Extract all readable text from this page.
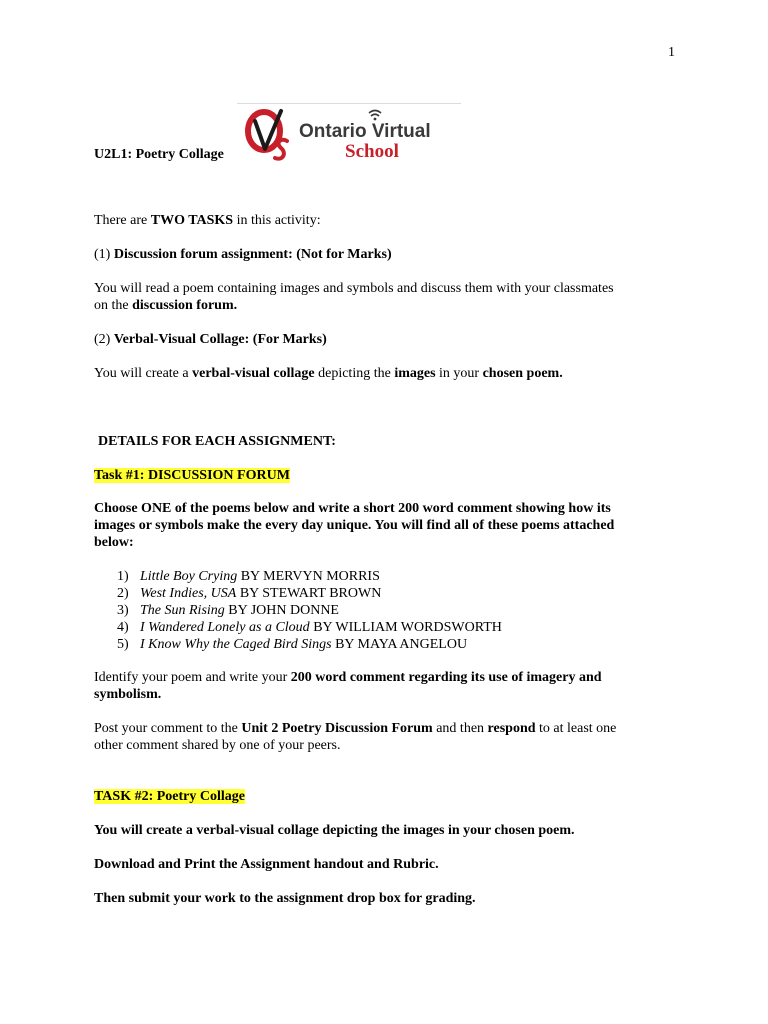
1
Ontario Virtual
School
U2L1: Poetry Collage
There are TWO TASKS in this activity:
(1) Discussion forum assignment: (Not for Marks)
You will read a poem containing images and symbols and discuss them with your classmates
on the discussion forum.
(2) Verbal-Visual Collage: (For Marks)
You will create a verbal-visual collage depicting the images in your chosen poem.
DETAILS FOR EACH ASSIGNMENT:
Task #1: DISCUSSION FORUM
Choose ONE of the poems below and write a short 200 word comment showing how its
images or symbols make the every day unique. You will find all of these poems attached
below:
1) Little Boy Crying BY MERVYN MORRIS
2) West Indies, USA BY STEWART BROWN
3) The Sun Rising BY JOHN DONNE
4) I Wandered Lonely as a Cloud BY WILLIAM WORDSWORTH
5) I Know Why the Caged Bird Sings BY MAYA ANGELOU
Identify your poem and write your 200 word comment regarding its use of imagery and
symbolism.
Post your comment to the Unit 2 Poetry Discussion Forum and then respond to at least one
other comment shared by one of your peers.
TASK #2: Poetry Collage
You will create a verbal-visual collage depicting the images in your chosen poem.
Download and Print the Assignment handout and Rubric.
Then submit your work to the assignment drop box for grading.
